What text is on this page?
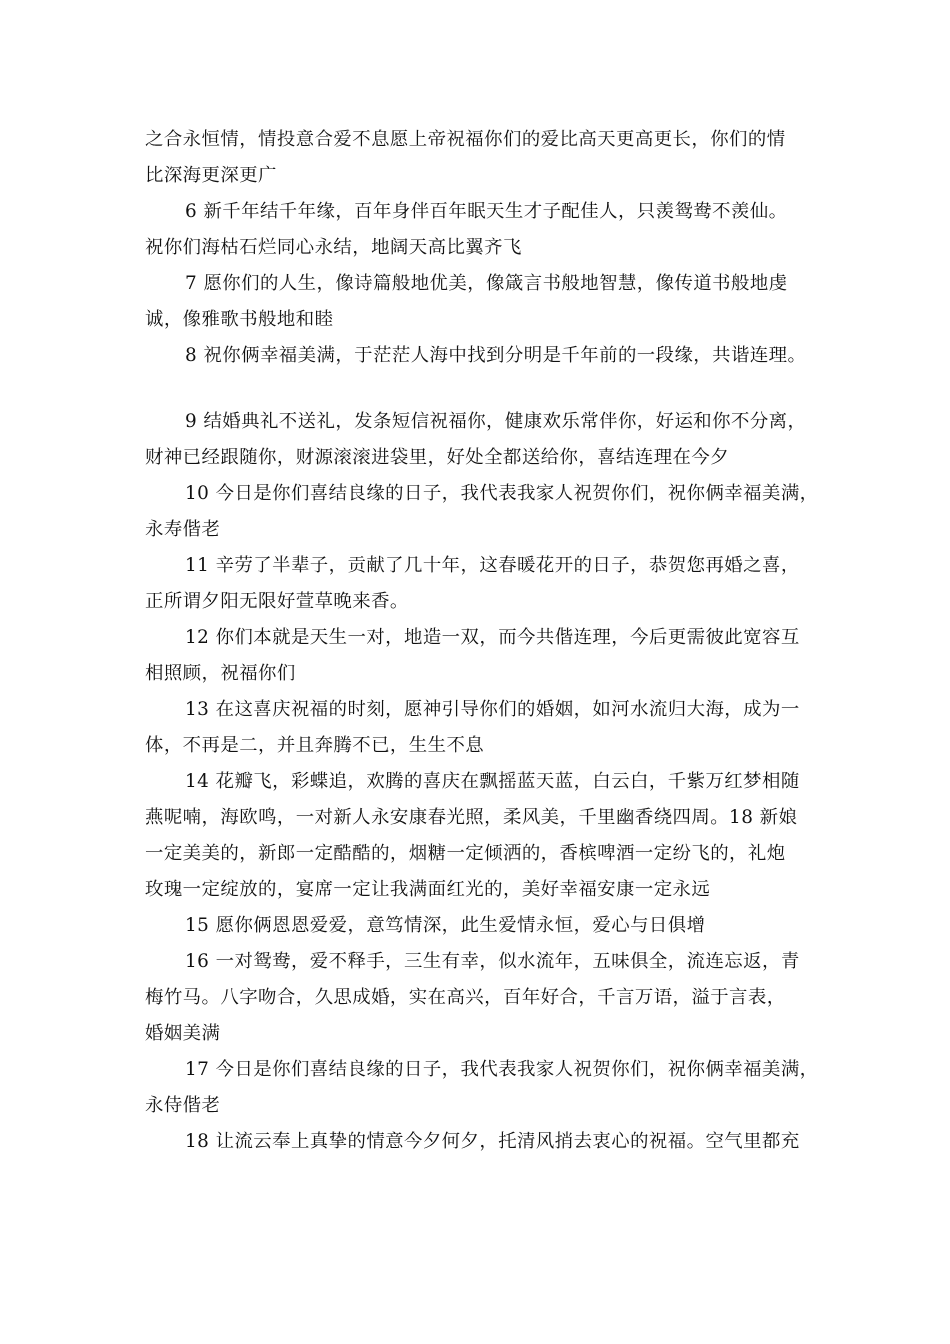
之合永恒情，情投意合爱不息愿上帝祝福你们的爱比高天更高更长，你们的情
比深海更深更广
6 新千年结千年缘，百年身伴百年眠天生才子配佳人，只羡鸳鸯不羡仙。
祝你们海枯石烂同心永结，地阔天高比翼齐飞
7 愿你们的人生，像诗篇般地优美，像箴言书般地智慧，像传道书般地虔
诚，像雅歌书般地和睦
8 祝你俩幸福美满，于茫茫人海中找到分明是千年前的一段缘，共谐连理。
9 结婚典礼不送礼，发条短信祝福你，健康欢乐常伴你，好运和你不分离，
财神已经跟随你，财源滚滚进袋里，好处全都送给你，喜结连理在今夕
10 今日是你们喜结良缘的日子，我代表我家人祝贺你们，祝你俩幸福美满，
永寿偕老
11 辛劳了半辈子，贡献了几十年，这春暖花开的日子，恭贺您再婚之喜，
正所谓夕阳无限好萱草晚来香。
12 你们本就是天生一对，地造一双，而今共偕连理，今后更需彼此宽容互
相照顾，祝福你们
13 在这喜庆祝福的时刻，愿神引导你们的婚姻，如河水流归大海，成为一
体，不再是二，并且奔腾不已，生生不息
14 花瓣飞，彩蝶追，欢腾的喜庆在飘摇蓝天蓝，白云白，千紫万红梦相随
燕呢喃，海欧鸣，一对新人永安康春光照，柔风美，千里幽香绕四周。18 新娘
一定美美的，新郎一定酷酷的，烟糖一定倾洒的，香槟啤酒一定纷飞的，礼炮
玫瑰一定绽放的，宴席一定让我满面红光的，美好幸福安康一定永远
15 愿你俩恩恩爱爱，意笃情深，此生爱情永恒，爱心与日俱增
16 一对鸳鸯，爱不释手，三生有幸，似水流年，五味俱全，流连忘返，青
梅竹马。八字吻合，久思成婚，实在高兴，百年好合，千言万语，溢于言表，
婚姻美满
17 今日是你们喜结良缘的日子，我代表我家人祝贺你们，祝你俩幸福美满，
永侍偕老
18 让流云奉上真挚的情意今夕何夕，托清风捎去衷心的祝福。空气里都充
